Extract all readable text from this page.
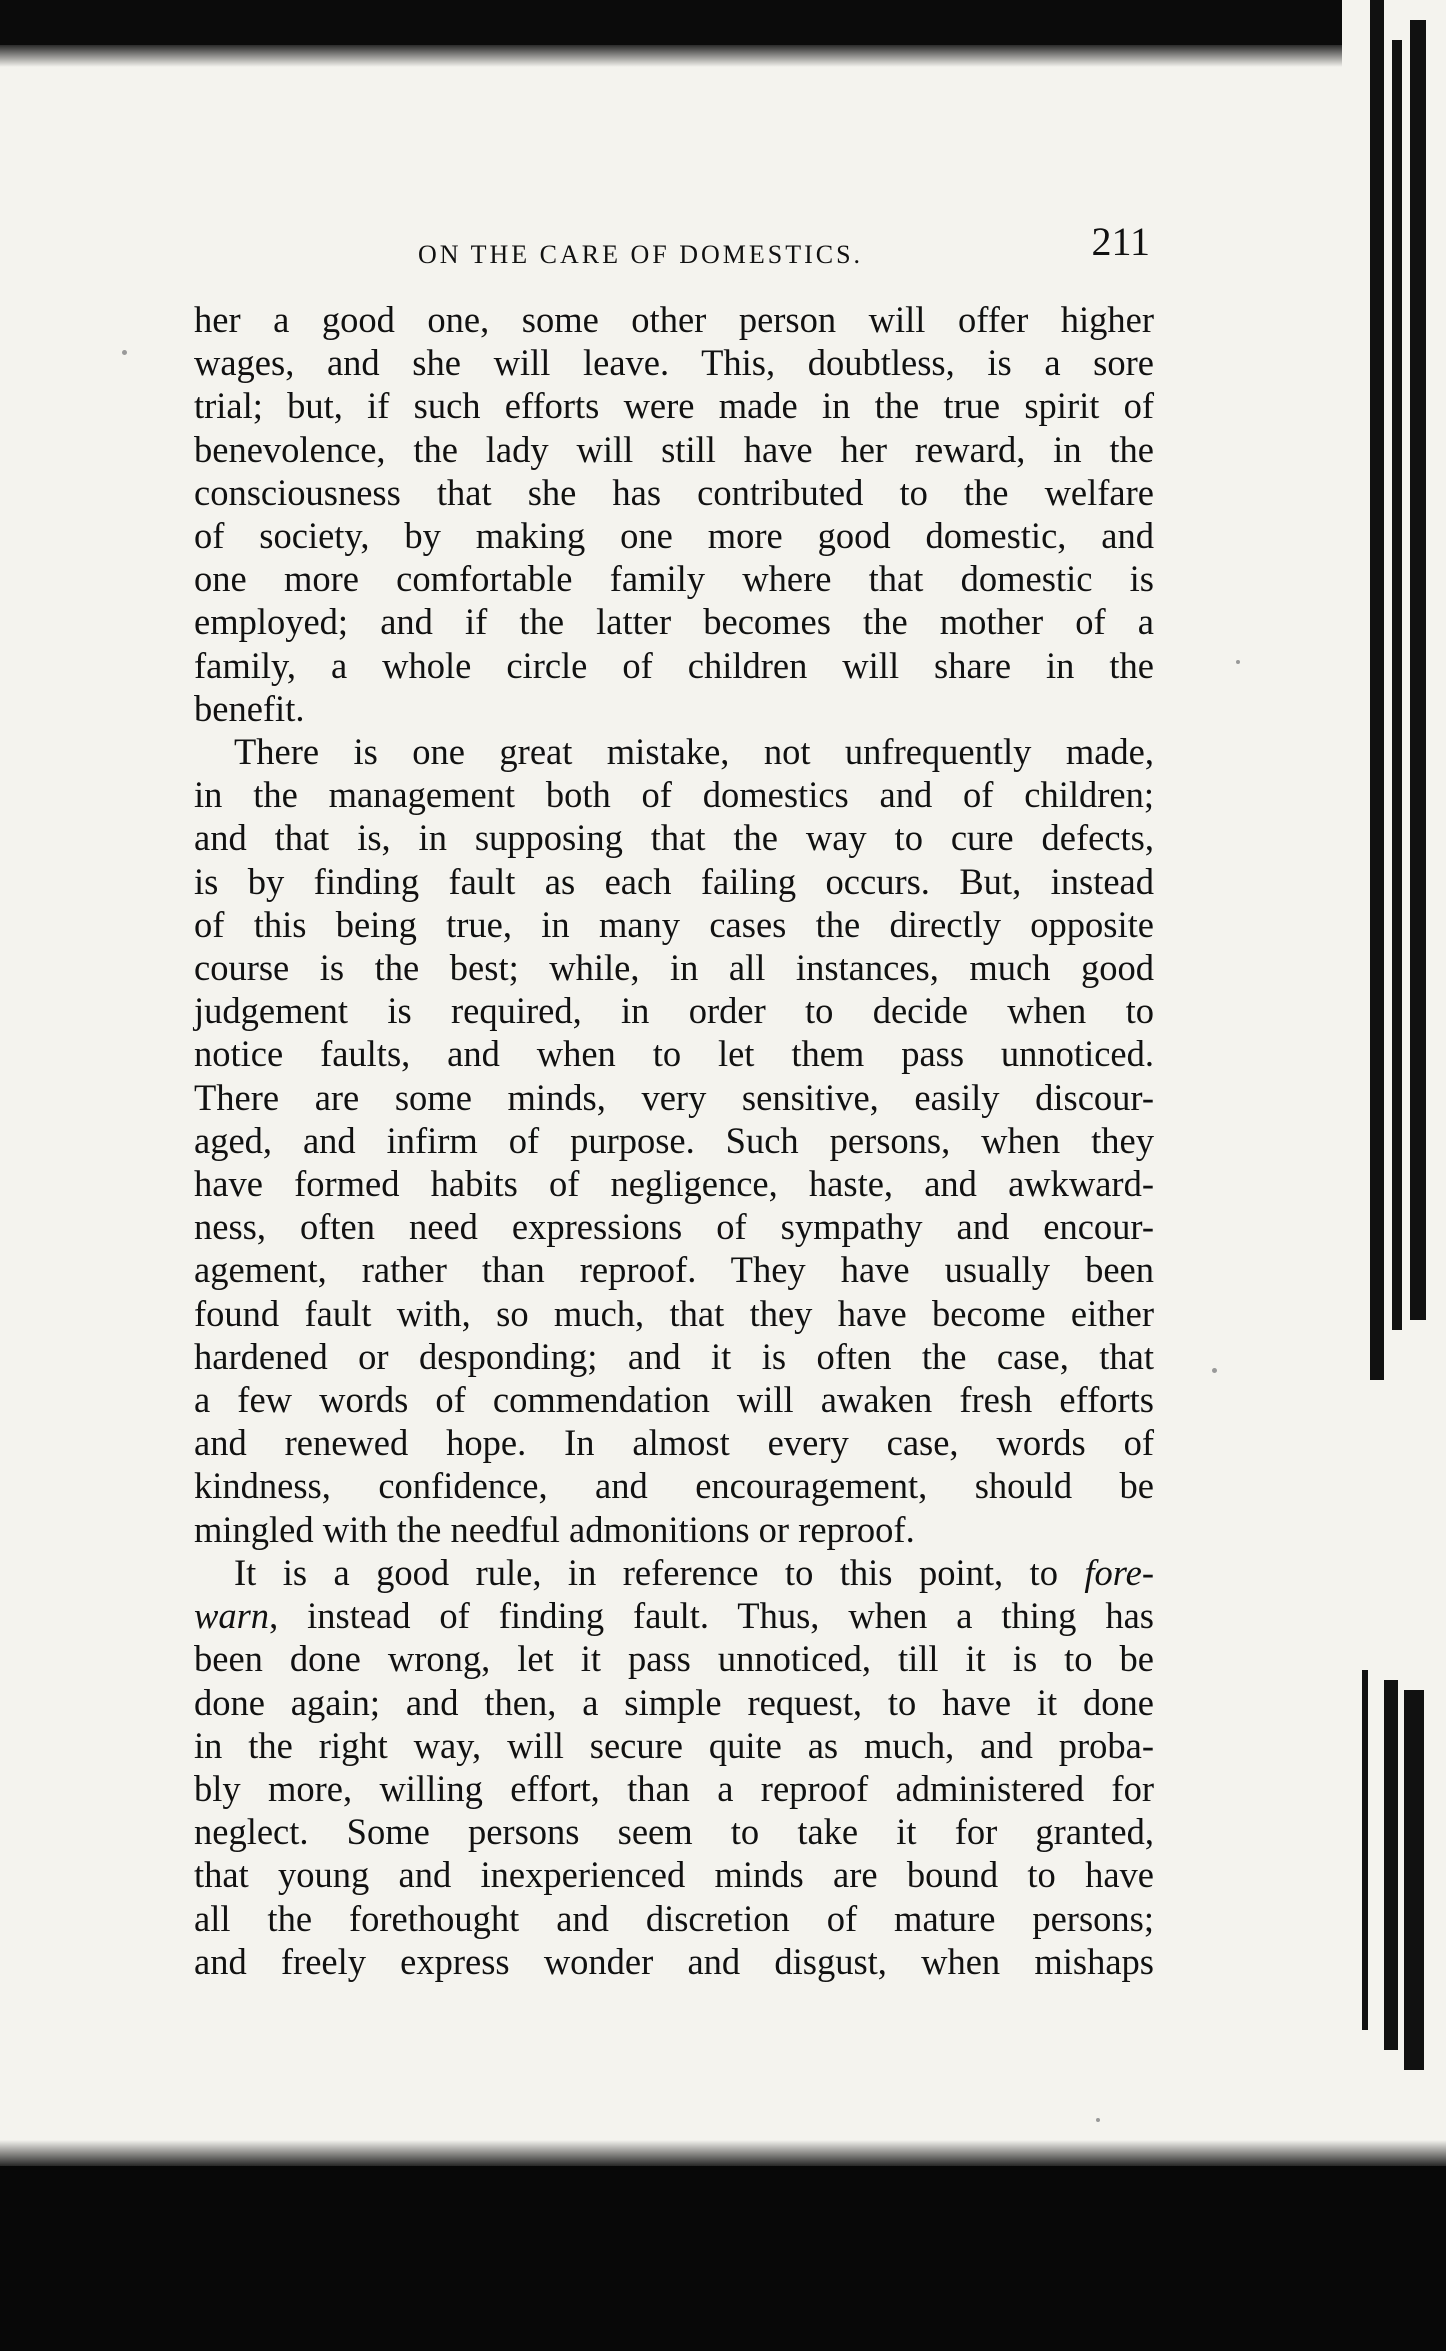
ON THE CARE OF DOMESTICS.	211

her a good one, some other person will offer higher
wages, and she will leave. This, doubtless, is a sore
trial; but, if such efforts were made in the true spirit of
benevolence, the lady will still have her reward, in the
consciousness that she has contributed to the welfare
of society, by making one more good domestic, and
one more comfortable family where that domestic is
employed; and if the latter becomes the mother of a
family, a whole circle of children will share in the
benefit.

There is one great mistake, not unfrequently made,
in the management both of domestics and of children;
and that is, in supposing that the way to cure defects,
is by finding fault as each failing occurs. But, instead
of this being true, in many cases the directly opposite
course is the best; while, in all instances, much good
judgement is required, in order to decide when to
notice faults, and when to let them pass unnoticed.
There are some minds, very sensitive, easily discour-
aged, and infirm of purpose. Such persons, when they
have formed habits of negligence, haste, and awkward-
ness, often need expressions of sympathy and encour-
agement, rather than reproof. They have usually been
found fault with, so much, that they have become either
hardened or desponding; and it is often the case, that
a few words of commendation will awaken fresh efforts
and renewed hope. In almost every case, words of
kindness, confidence, and encouragement, should be
mingled with the needful admonitions or reproof.

It is a good rule, in reference to this point, to fore-
warn, instead of finding fault. Thus, when a thing has
been done wrong, let it pass unnoticed, till it is to be
done again; and then, a simple request, to have it done
in the right way, will secure quite as much, and proba-
bly more, willing effort, than a reproof administered for
neglect. Some persons seem to take it for granted,
that young and inexperienced minds are bound to have
all the forethought and discretion of mature persons;
and freely express wonder and disgust, when mishaps
